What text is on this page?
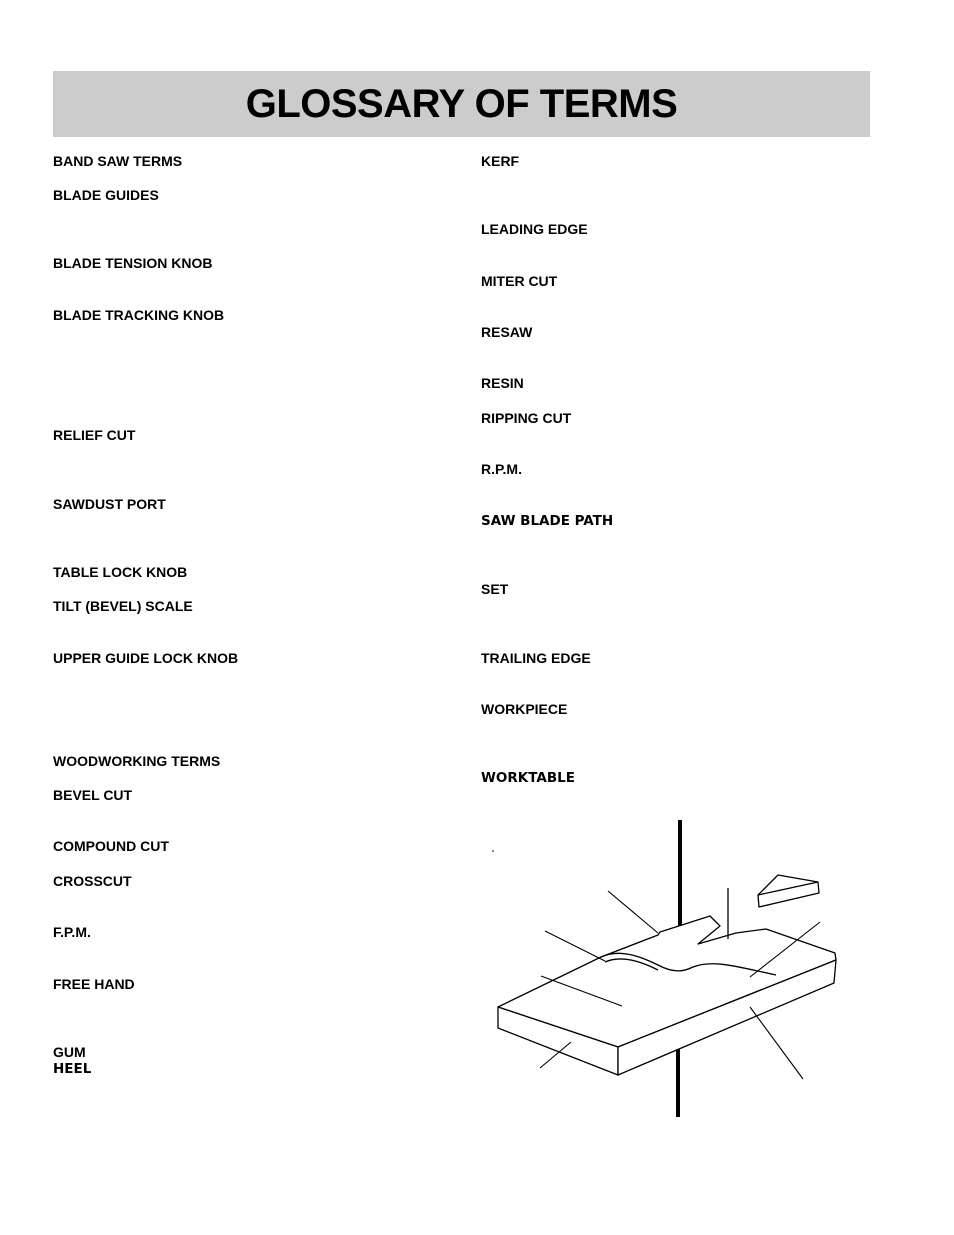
GLOSSARY OF TERMS
BAND SAW TERMS
BLADE GUIDES
BLADE TENSION KNOB
BLADE TRACKING KNOB
RELIEF CUT
SAWDUST PORT
TABLE LOCK KNOB
TILT (BEVEL) SCALE
UPPER GUIDE LOCK KNOB
WOODWORKING TERMS
BEVEL CUT
COMPOUND CUT
CROSSCUT
F.P.M.
FREE HAND
GUM
HEEL
KERF
LEADING EDGE
MITER CUT
RESAW
RESIN
RIPPING CUT
R.P.M.
SAW BLADE PATH
SET
TRAILING EDGE
WORKPIECE
WORKTABLE
